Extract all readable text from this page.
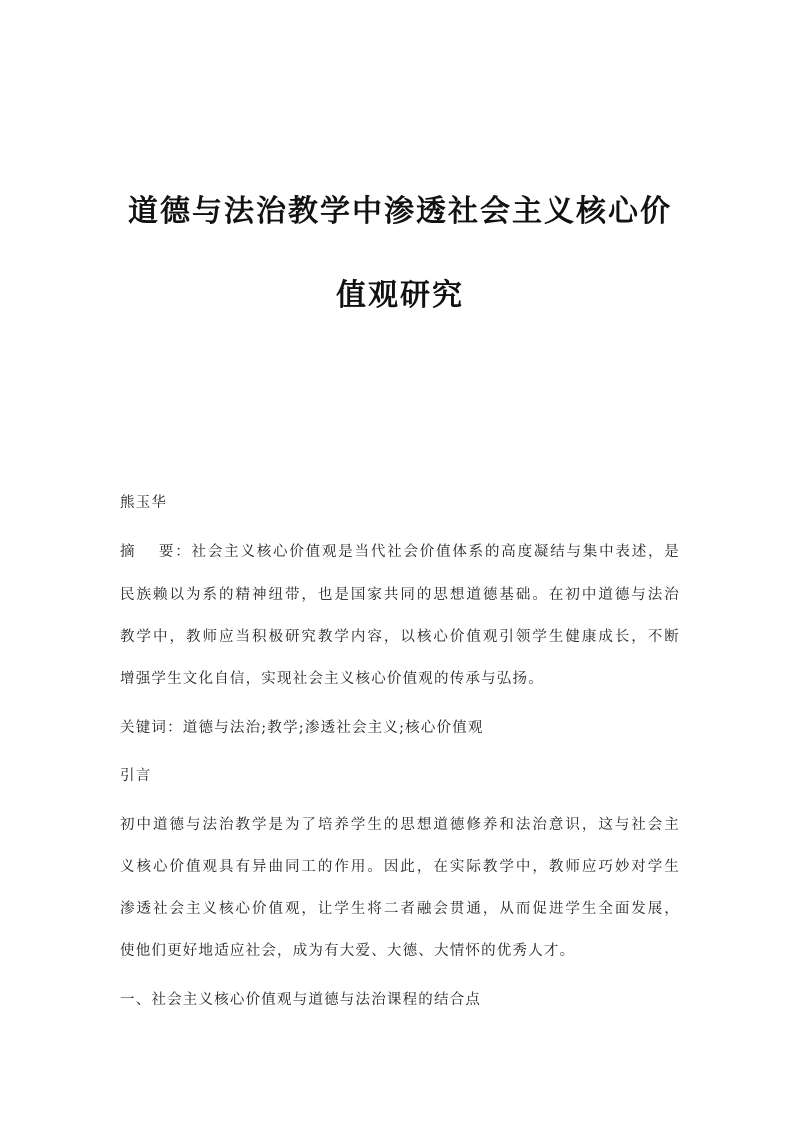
道德与法治教学中渗透社会主义核心价
值观研究
熊玉华
摘 要：社会主义核心价值观是当代社会价值体系的高度凝结与集中表述，是
民族赖以为系的精神纽带，也是国家共同的思想道德基础。在初中道德与法治
教学中，教师应当积极研究教学内容，以核心价值观引领学生健康成长，不断
增强学生文化自信，实现社会主义核心价值观的传承与弘扬。
关键词：道德与法治;教学;渗透社会主义;核心价值观
引言
初中道德与法治教学是为了培养学生的思想道德修养和法治意识，这与社会主
义核心价值观具有异曲同工的作用。因此，在实际教学中，教师应巧妙对学生
渗透社会主义核心价值观，让学生将二者融会贯通，从而促进学生全面发展，
使他们更好地适应社会，成为有大爱、大德、大情怀的优秀人才。
一、社会主义核心价值观与道德与法治课程的结合点
